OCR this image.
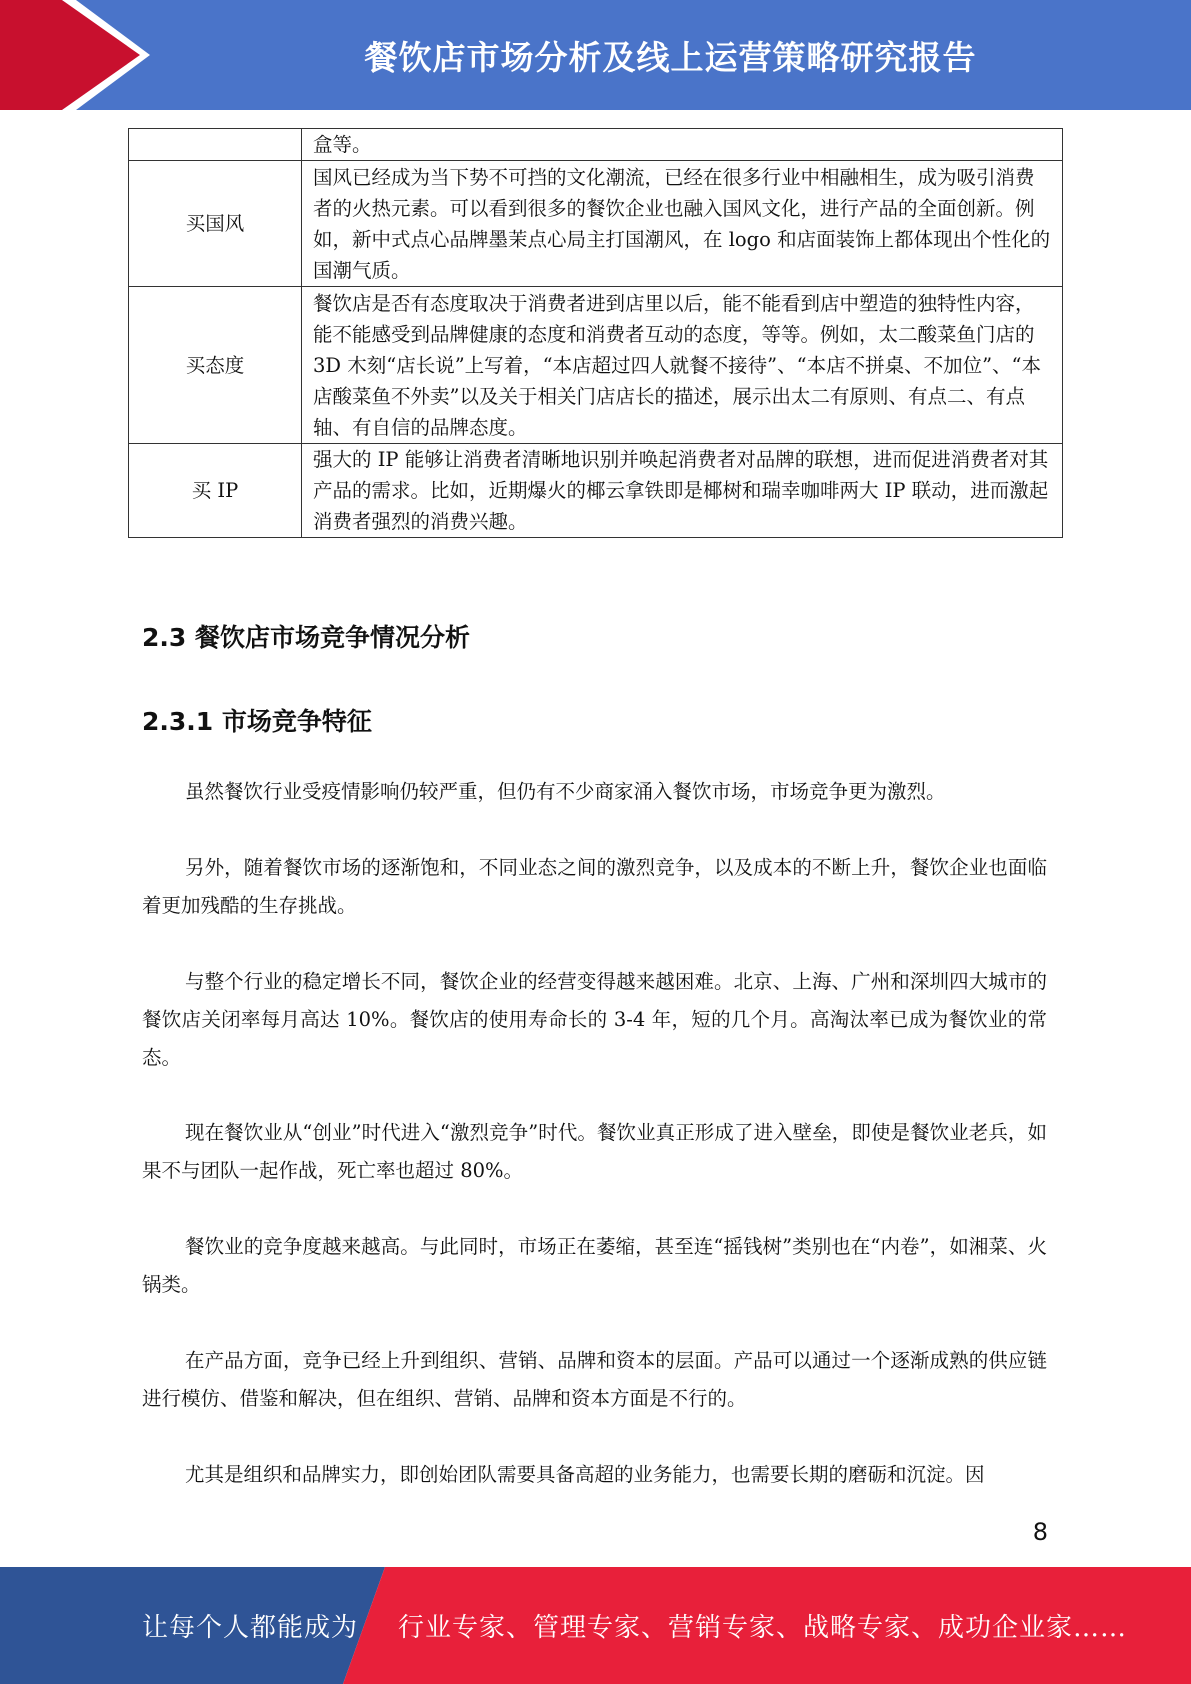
餐饮店市场分析及线上运营策略研究报告
	盒等。
买国风	国风已经成为当下势不可挡的文化潮流，已经在很多行业中相融相生，成为吸引消费者的火热元素。可以看到很多的餐饮企业也融入国风文化，进行产品的全面创新。例如，新中式点心品牌墨茉点心局主打国潮风，在 logo 和店面装饰上都体现出个性化的国潮气质。
买态度	餐饮店是否有态度取决于消费者进到店里以后，能不能看到店中塑造的独特性内容，能不能感受到品牌健康的态度和消费者互动的态度，等等。例如，太二酸菜鱼门店的 3D 木刻“店长说”上写着，“本店超过四人就餐不接待”、“本店不拼桌、不加位”、“本店酸菜鱼不外卖”以及关于相关门店店长的描述，展示出太二有原则、有点二、有点轴、有自信的品牌态度。
买 IP	强大的 IP 能够让消费者清晰地识别并唤起消费者对品牌的联想，进而促进消费者对其产品的需求。比如，近期爆火的椰云拿铁即是椰树和瑞幸咖啡两大 IP 联动，进而激起消费者强烈的消费兴趣。
2.3 餐饮店市场竞争情况分析
2.3.1 市场竞争特征

虽然餐饮行业受疫情影响仍较严重，但仍有不少商家涌入餐饮市场，市场竞争更为激烈。

另外，随着餐饮市场的逐渐饱和，不同业态之间的激烈竞争，以及成本的不断上升，餐饮企业也面临着更加残酷的生存挑战。

与整个行业的稳定增长不同，餐饮企业的经营变得越来越困难。北京、上海、广州和深圳四大城市的餐饮店关闭率每月高达 10%。餐饮店的使用寿命长的 3-4 年，短的几个月。高淘汰率已成为餐饮业的常态。

现在餐饮业从“创业”时代进入“激烈竞争”时代。餐饮业真正形成了进入壁垒，即使是餐饮业老兵，如果不与团队一起作战，死亡率也超过 80%。

餐饮业的竞争度越来越高。与此同时，市场正在萎缩，甚至连“摇钱树”类别也在“内卷”，如湘菜、火锅类。

在产品方面，竞争已经上升到组织、营销、品牌和资本的层面。产品可以通过一个逐渐成熟的供应链进行模仿、借鉴和解决，但在组织、营销、品牌和资本方面是不行的。

尤其是组织和品牌实力，即创始团队需要具备高超的业务能力，也需要长期的磨砺和沉淀。因

8
让每个人都能成为 行业专家、管理专家、营销专家、战略专家、成功企业家……
